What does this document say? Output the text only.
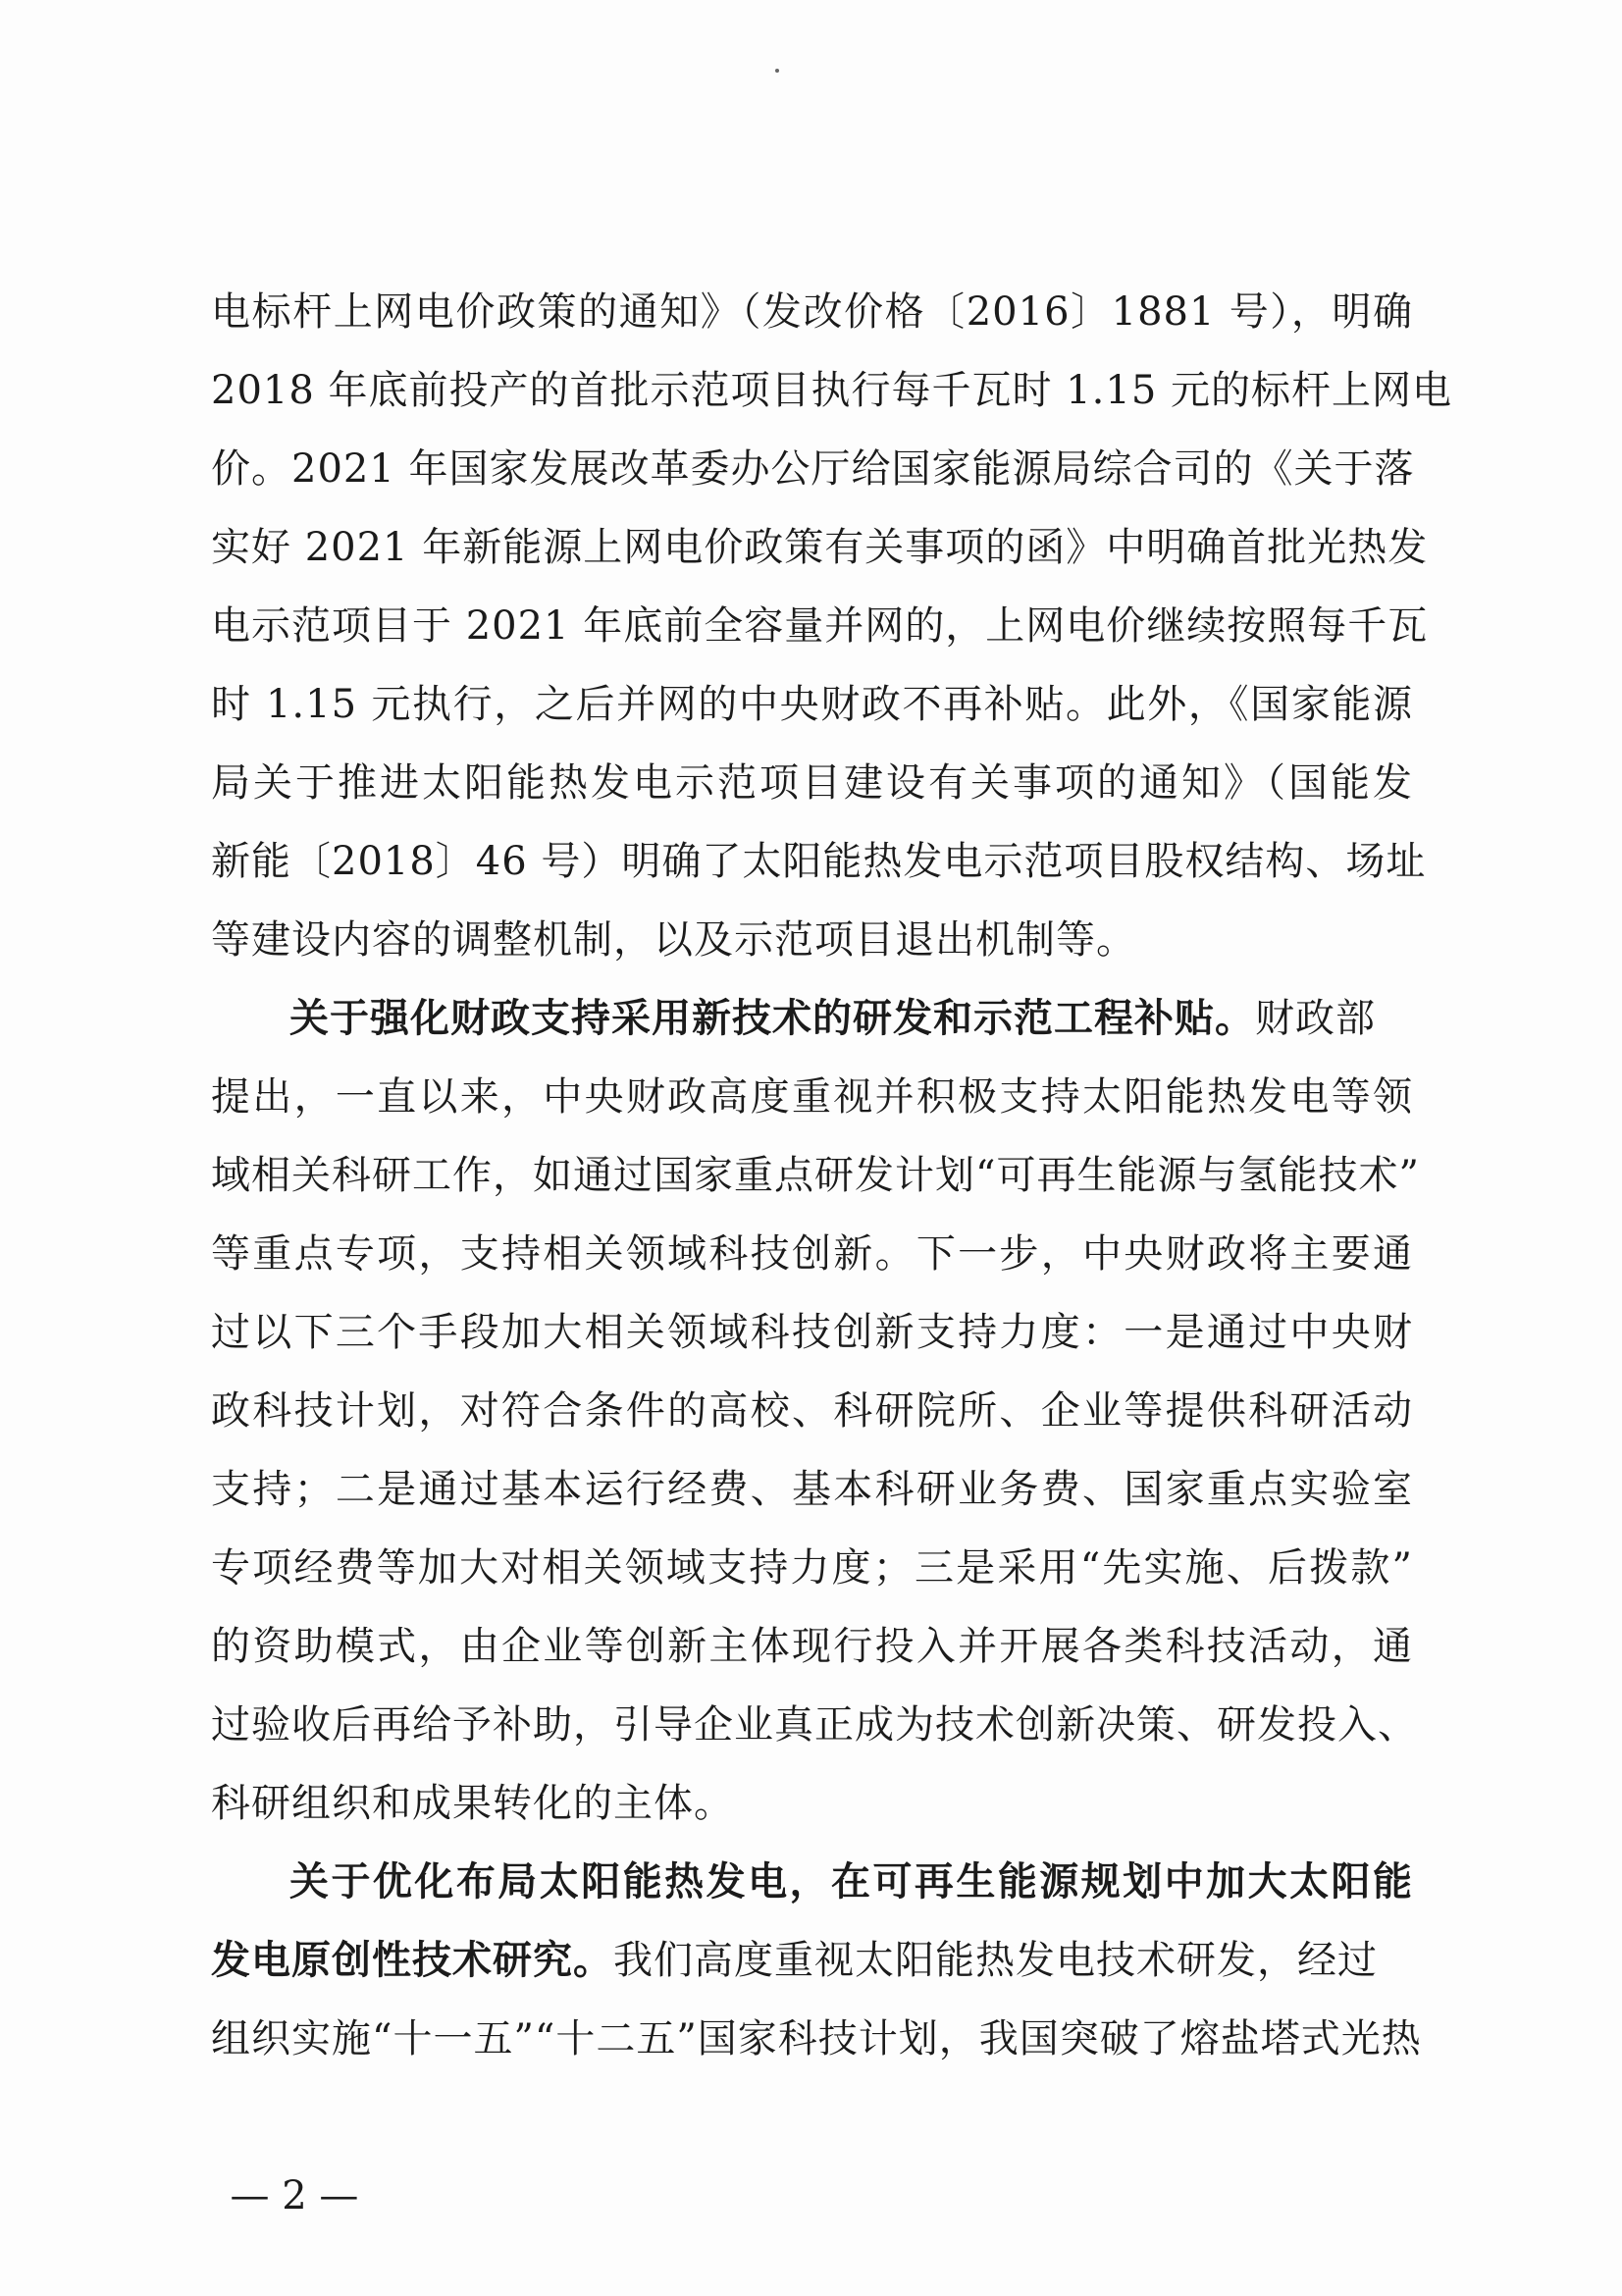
电标杆上网电价政策的通知》（发改价格〔2016〕1881 号），明确
2018 年底前投产的首批示范项目执行每千瓦时 1.15 元的标杆上网电
价。2021 年国家发展改革委办公厅给国家能源局综合司的《关于落
实好 2021 年新能源上网电价政策有关事项的函》中明确首批光热发
电示范项目于 2021 年底前全容量并网的，上网电价继续按照每千瓦
时 1.15 元执行，之后并网的中央财政不再补贴。此外，《国家能源
局关于推进太阳能热发电示范项目建设有关事项的通知》（国能发
新能〔2018〕46 号）明确了太阳能热发电示范项目股权结构、场址
等建设内容的调整机制，以及示范项目退出机制等。
关于强化财政支持采用新技术的研发和示范工程补贴。财政部
提出，一直以来，中央财政高度重视并积极支持太阳能热发电等领
域相关科研工作，如通过国家重点研发计划“可再生能源与氢能技术”
等重点专项，支持相关领域科技创新。下一步，中央财政将主要通
过以下三个手段加大相关领域科技创新支持力度：一是通过中央财
政科技计划，对符合条件的高校、科研院所、企业等提供科研活动
支持；二是通过基本运行经费、基本科研业务费、国家重点实验室
专项经费等加大对相关领域支持力度；三是采用“先实施、后拨款”
的资助模式，由企业等创新主体现行投入并开展各类科技活动，通
过验收后再给予补助，引导企业真正成为技术创新决策、研发投入、
科研组织和成果转化的主体。
关于优化布局太阳能热发电，在可再生能源规划中加大太阳能
发电原创性技术研究。我们高度重视太阳能热发电技术研发，经过
组织实施“十一五”“十二五”国家科技计划，我国突破了熔盐塔式光热
— 2 —
